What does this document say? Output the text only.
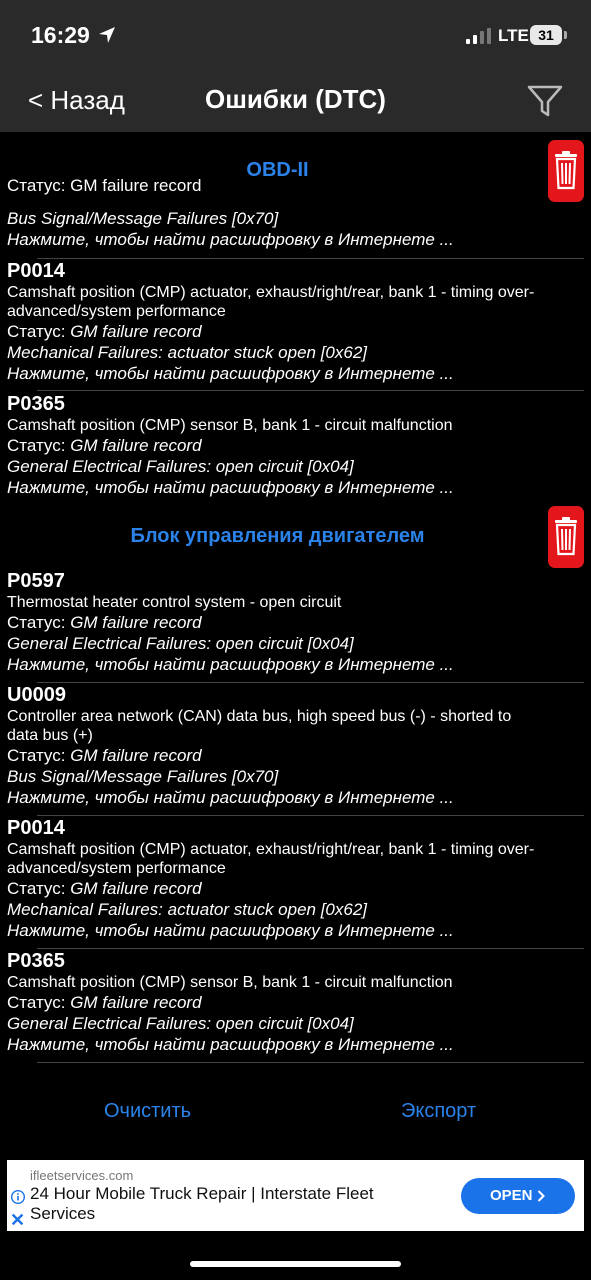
16:29	LTE 31
< Назад	Ошибки (DTC)
OBD-II
Статус: GM failure record
Bus Signal/Message Failures [0x70]
Нажмите, чтобы найти расшифровку в Интернете ...
P0014
Camshaft position (CMP) actuator, exhaust/right/rear, bank 1 - timing over-
advanced/system performance
Статус: GM failure record
Mechanical Failures: actuator stuck open [0x62]
Нажмите, чтобы найти расшифровку в Интернете ...
P0365
Camshaft position (CMP) sensor B, bank 1 - circuit malfunction
Статус: GM failure record
General Electrical Failures: open circuit [0x04]
Нажмите, чтобы найти расшифровку в Интернете ...
Блок управления двигателем
P0597
Thermostat heater control system - open circuit
Статус: GM failure record
General Electrical Failures: open circuit [0x04]
Нажмите, чтобы найти расшифровку в Интернете ...
U0009
Controller area network (CAN) data bus, high speed bus (-) - shorted to
data bus (+)
Статус: GM failure record
Bus Signal/Message Failures [0x70]
Нажмите, чтобы найти расшифровку в Интернете ...
P0014
Camshaft position (CMP) actuator, exhaust/right/rear, bank 1 - timing over-
advanced/system performance
Статус: GM failure record
Mechanical Failures: actuator stuck open [0x62]
Нажмите, чтобы найти расшифровку в Интернете ...
P0365
Camshaft position (CMP) sensor B, bank 1 - circuit malfunction
Статус: GM failure record
General Electrical Failures: open circuit [0x04]
Нажмите, чтобы найти расшифровку в Интернете ...
Очистить	Экспорт
ifleetservices.com
24 Hour Mobile Truck Repair | Interstate Fleet
Services
✕
OPEN
